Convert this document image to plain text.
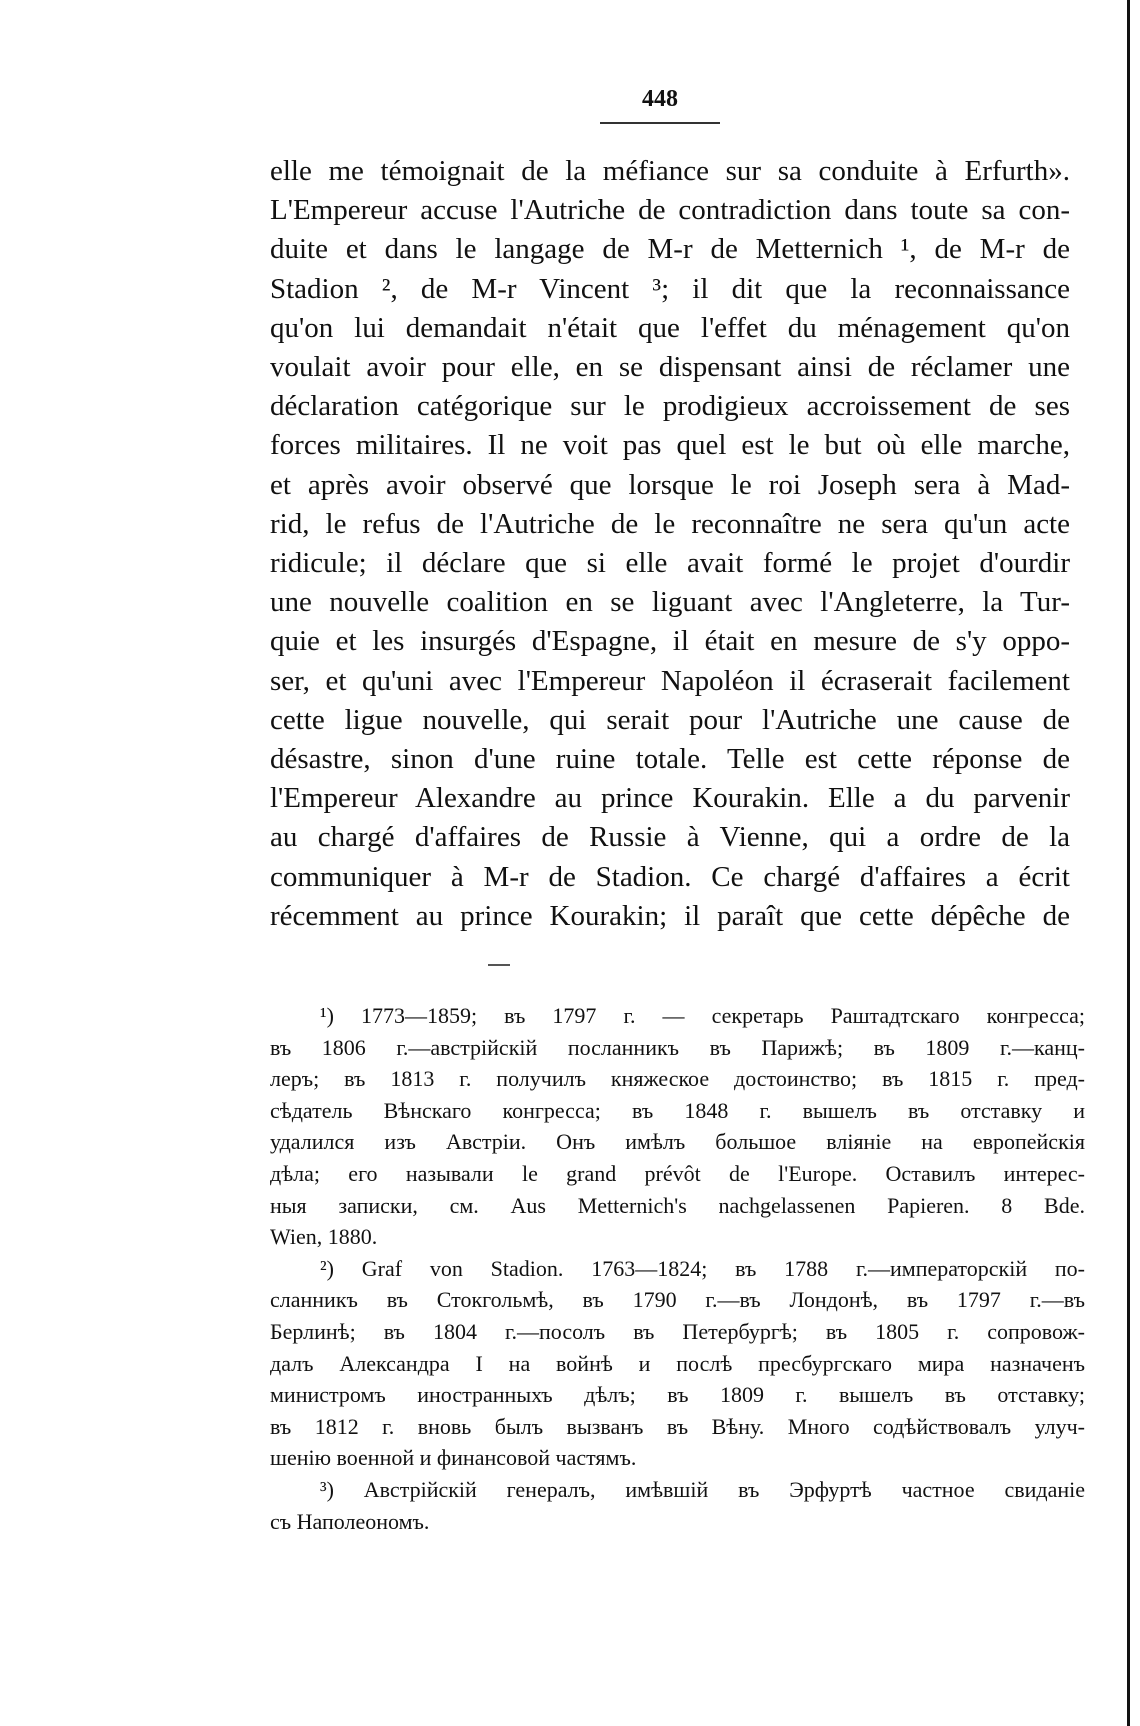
448
elle me témoignait de la méfiance sur sa conduite à Erfurth».
L'Empereur accuse l'Autriche de contradiction dans toute sa con-
duite et dans le langage de M-r de Metternich ¹, de M-r de
Stadion ², de M-r Vincent ³; il dit que la reconnaissance
qu'on lui demandait n'était que l'effet du ménagement qu'on
voulait avoir pour elle, en se dispensant ainsi de réclamer une
déclaration catégorique sur le prodigieux accroissement de ses
forces militaires. Il ne voit pas quel est le but où elle marche,
et après avoir observé que lorsque le roi Joseph sera à Mad-
rid, le refus de l'Autriche de le reconnaître ne sera qu'un acte
ridicule; il déclare que si elle avait formé le projet d'ourdir
une nouvelle coalition en se liguant avec l'Angleterre, la Tur-
quie et les insurgés d'Espagne, il était en mesure de s'y oppo-
ser, et qu'uni avec l'Empereur Napoléon il écraserait facilement
cette ligue nouvelle, qui serait pour l'Autriche une cause de
désastre, sinon d'une ruine totale. Telle est cette réponse de
l'Empereur Alexandre au prince Kourakin. Elle a du parvenir
au chargé d'affaires de Russie à Vienne, qui a ordre de la
communiquer à M-r de Stadion. Ce chargé d'affaires a écrit
récemment au prince Kourakin; il paraît que cette dépêche de
¹) 1773—1859; въ 1797 г. — секретарь Раштадтскаго конгресса;
въ 1806 г.—австрійскій посланникъ въ Парижѣ; въ 1809 г.—канц-
леръ; въ 1813 г. получилъ княжеское достоинство; въ 1815 г. пред-
сѣдатель Вѣнскаго конгресса; въ 1848 г. вышелъ въ отставку и
удалился изъ Австріи. Онъ имѣлъ большое вліяніе на европейскія
дѣла; его называли le grand prévôt de l'Europe. Оставилъ интерес-
ныя записки, см. Aus Metternich's nachgelassenen Papieren. 8 Bde.
Wien, 1880.
²) Graf von Stadion. 1763—1824; въ 1788 г.—императорскій по-
сланникъ въ Стокгольмѣ, въ 1790 г.—въ Лондонѣ, въ 1797 г.—въ
Берлинѣ; въ 1804 г.—посолъ въ Петербургѣ; въ 1805 г. сопровож-
далъ Александра I на войнѣ и послѣ пресбургскаго мира назначенъ
министромъ иностранныхъ дѣлъ; въ 1809 г. вышелъ въ отставку;
въ 1812 г. вновь былъ вызванъ въ Вѣну. Много содѣйствовалъ улуч-
шенію военной и финансовой частямъ.
³) Австрійскій генералъ, имѣвшій въ Эрфуртѣ частное свиданіе
съ Наполеономъ.
